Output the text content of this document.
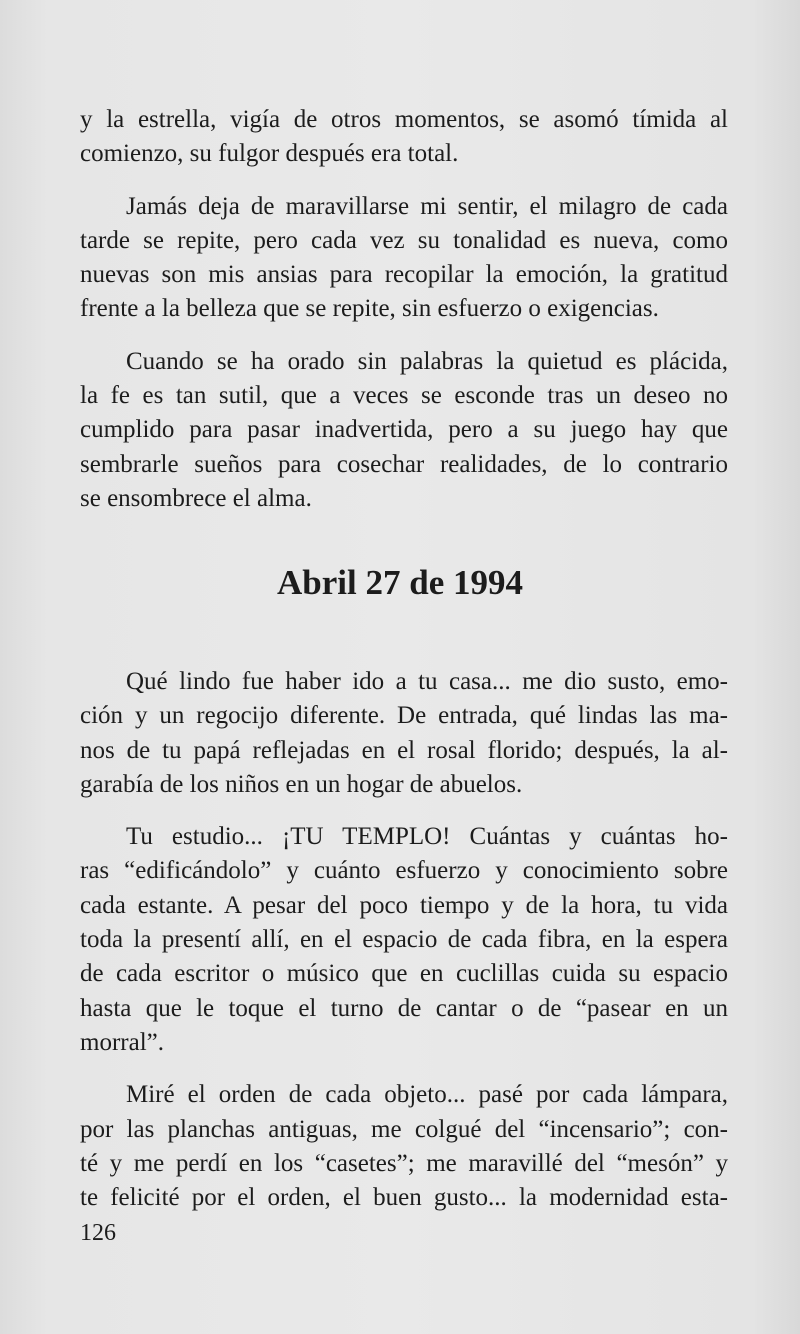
y la estrella, vigía de otros momentos, se asomó tímida al
comienzo, su fulgor después era total.

Jamás deja de maravillarse mi sentir, el milagro de cada
tarde se repite, pero cada vez su tonalidad es nueva, como
nuevas son mis ansias para recopilar la emoción, la gratitud
frente a la belleza que se repite, sin esfuerzo o exigencias.

Cuando se ha orado sin palabras la quietud es plácida,
la fe es tan sutil, que a veces se esconde tras un deseo no
cumplido para pasar inadvertida, pero a su juego hay que
sembrarle sueños para cosechar realidades, de lo contrario
se ensombrece el alma.

Abril 27 de 1994

Qué lindo fue haber ido a tu casa... me dio susto, emo-
ción y un regocijo diferente. De entrada, qué lindas las ma-
nos de tu papá reflejadas en el rosal florido; después, la al-
garabía de los niños en un hogar de abuelos.

Tu estudio... ¡TU TEMPLO! Cuántas y cuántas ho-
ras “edificándolo” y cuánto esfuerzo y conocimiento sobre
cada estante. A pesar del poco tiempo y de la hora, tu vida
toda la presentí allí, en el espacio de cada fibra, en la espera
de cada escritor o músico que en cuclillas cuida su espacio
hasta que le toque el turno de cantar o de “pasear en un
morral”.

Miré el orden de cada objeto... pasé por cada lámpara,
por las planchas antiguas, me colgué del “incensario”; con-
té y me perdí en los “casetes”; me maravillé del “mesón” y
te felicité por el orden, el buen gusto... la modernidad esta-

126
